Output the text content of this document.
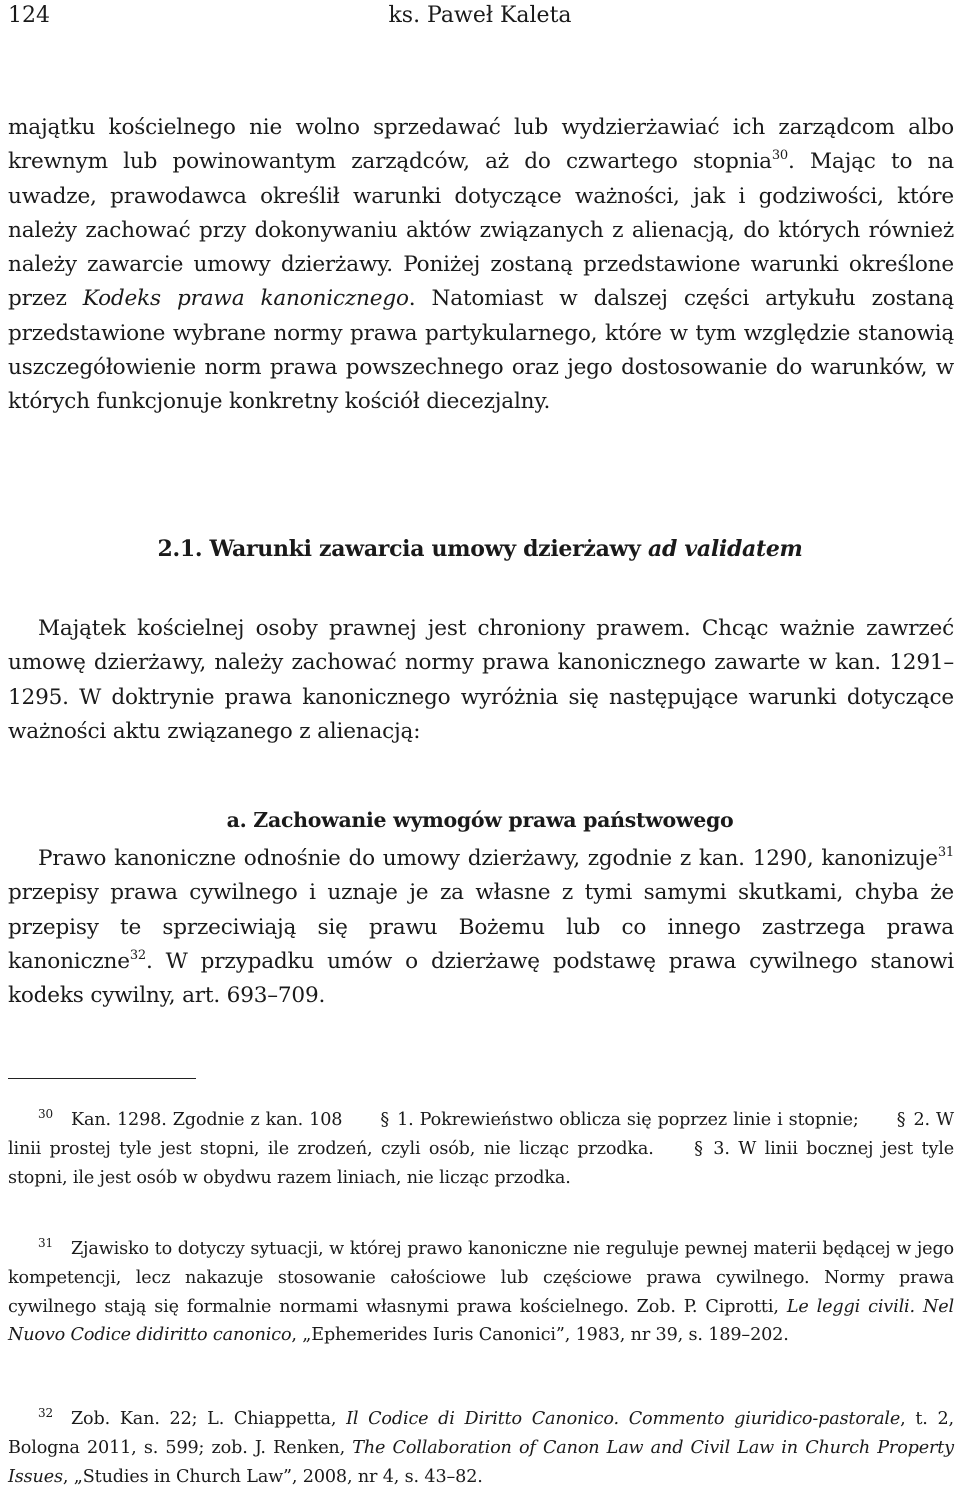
124	ks. Paweł Kaleta

majątku kościelnego nie wolno sprzedawać lub wydzierżawiać ich zarządcom albo krewnym lub powinowantym zarządców, aż do czwartego stopnia$^{30}$. Mając to na uwadze, prawodawca określił warunki dotyczące ważności, jak i godziwości, które należy zachować przy dokonywaniu aktów związanych z alienacją, do których również należy zawarcie umowy dzierżawy. Poniżej zostaną przedstawione warunki określone przez Kodeks prawa kanonicznego. Natomiast w dalszej części artykułu zostaną przedstawione wybrane normy prawa partykularnego, które w tym względzie stanowią uszczegółowienie norm prawa powszechnego oraz jego dostosowanie do warunków, w których funkcjonuje konkretny kościół diecezjalny.

2.1. Warunki zawarcia umowy dzierżawy ad validatem

Majątek kościelnej osoby prawnej jest chroniony prawem. Chcąc ważnie zawrzeć umowę dzierżawy, należy zachować normy prawa kanonicznego zawarte w kan. 1291–1295. W doktrynie prawa kanonicznego wyróżnia się następujące warunki dotyczące ważności aktu związanego z alienacją:

a. Zachowanie wymogów prawa państwowego

Prawo kanoniczne odnośnie do umowy dzierżawy, zgodnie z kan. 1290, kanonizuje$^{31}$ przepisy prawa cywilnego i uznaje je za własne z tymi samymi skutkami, chyba że przepisy te sprzeciwiają się prawu Bożemu lub co innego zastrzega prawa kanoniczne$^{32}$. W przypadku umów o dzierżawę podstawę prawa cywilnego stanowi kodeks cywilny, art. 693–709.

$^{30}$ Kan. 1298. Zgodnie z kan. 108 § 1. Pokrewieństwo oblicza się poprzez linie i stopnie; § 2. W linii prostej tyle jest stopni, ile zrodzeń, czyli osób, nie licząc przodka. § 3. W linii bocznej jest tyle stopni, ile jest osób w obydwu razem liniach, nie licząc przodka.

$^{31}$ Zjawisko to dotyczy sytuacji, w której prawo kanoniczne nie reguluje pewnej materii będącej w jego kompetencji, lecz nakazuje stosowanie całościowe lub częściowe prawa cywilnego. Normy prawa cywilnego stają się formalnie normami własnymi prawa kościelnego. Zob. P. Ciprotti, Le leggi civili. Nel Nuovo Codice didiritto canonico, „Ephemerides Iuris Canonici”, 1983, nr 39, s. 189–202.

$^{32}$ Zob. Kan. 22; L. Chiappetta, Il Codice di Diritto Canonico. Commento giuridico-pastorale, t. 2, Bologna 2011, s. 599; zob. J. Renken, The Collaboration of Canon Law and Civil Law in Church Property Issues, „Studies in Church Law”, 2008, nr 4, s. 43–82.
